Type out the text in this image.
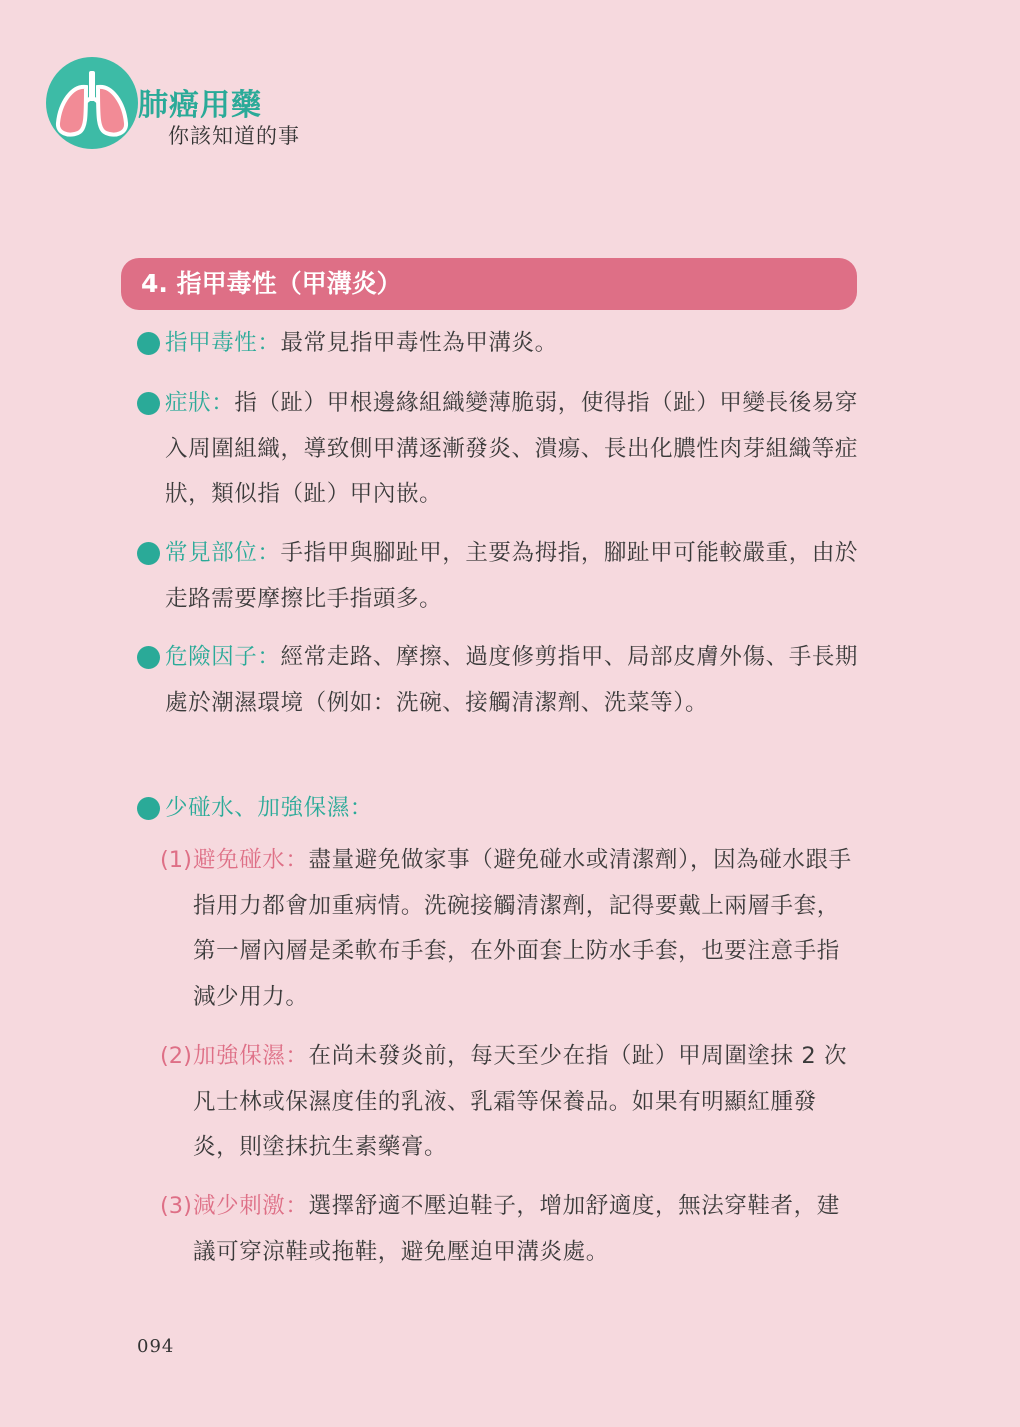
肺癌用藥
你該知道的事
4. 指甲毒性（甲溝炎）
指甲毒性：最常見指甲毒性為甲溝炎。
症狀：指（趾）甲根邊緣組織變薄脆弱，使得指（趾）甲變長後易穿入周圍組織，導致側甲溝逐漸發炎、潰瘍、長出化膿性肉芽組織等症狀，類似指（趾）甲內嵌。
常見部位：手指甲與腳趾甲，主要為拇指，腳趾甲可能較嚴重，由於走路需要摩擦比手指頭多。
危險因子：經常走路、摩擦、過度修剪指甲、局部皮膚外傷、手長期處於潮濕環境（例如：洗碗、接觸清潔劑、洗菜等）。
少碰水、加強保濕：
(1) 避免碰水：盡量避免做家事（避免碰水或清潔劑），因為碰水跟手指用力都會加重病情。洗碗接觸清潔劑，記得要戴上兩層手套，第一層內層是柔軟布手套，在外面套上防水手套，也要注意手指減少用力。
(2) 加強保濕：在尚未發炎前，每天至少在指（趾）甲周圍塗抹 2 次凡士林或保濕度佳的乳液、乳霜等保養品。如果有明顯紅腫發炎，則塗抹抗生素藥膏。
(3) 減少刺激：選擇舒適不壓迫鞋子，增加舒適度，無法穿鞋者，建議可穿涼鞋或拖鞋，避免壓迫甲溝炎處。
094
